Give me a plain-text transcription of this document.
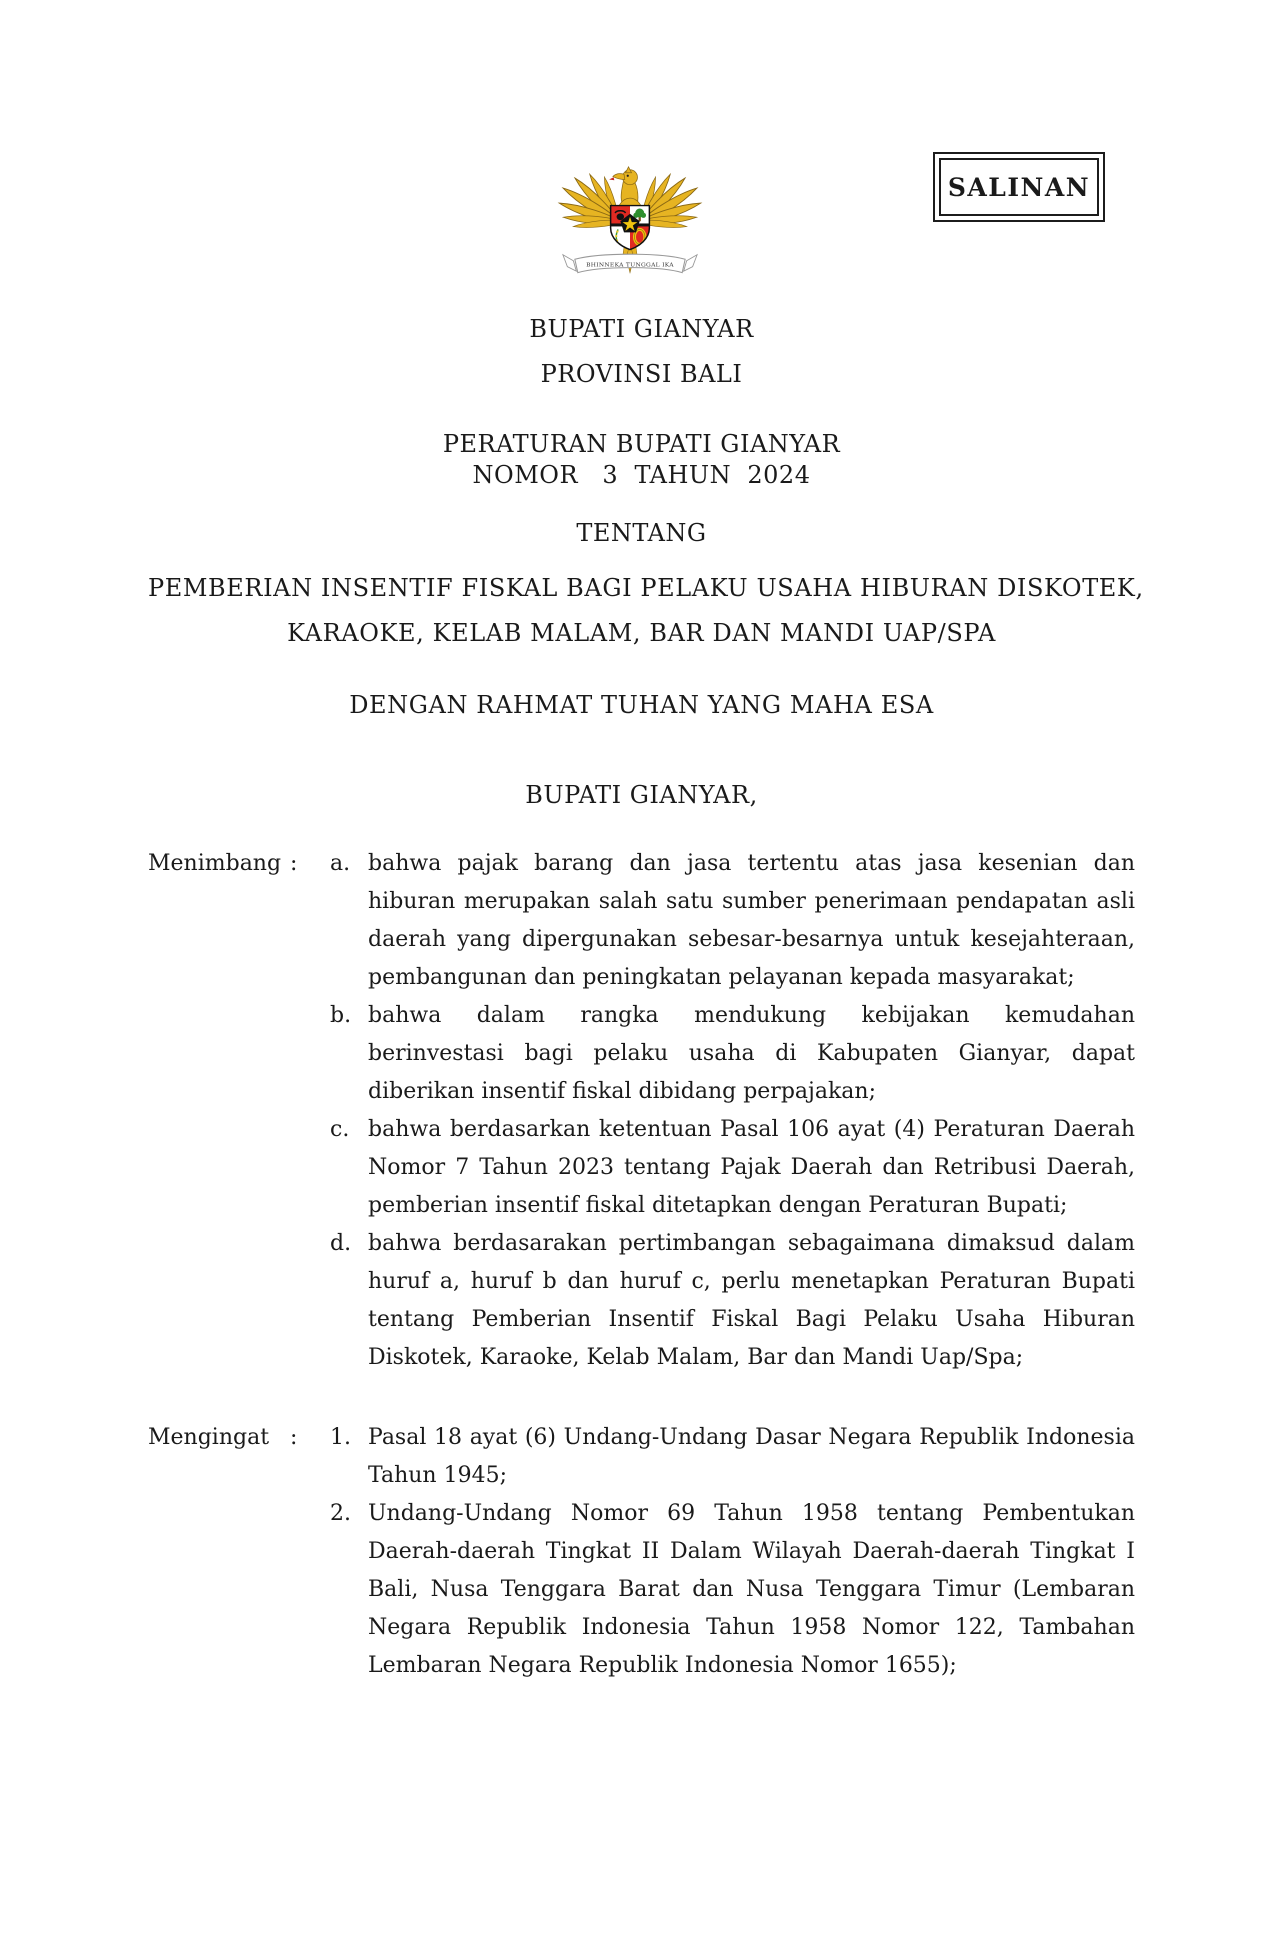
BHINNEKA TUNGGAL IKA
SALINAN
BUPATI GIANYAR
PROVINSI BALI
PERATURAN BUPATI GIANYAR
NOMOR   3  TAHUN  2024
TENTANG
PEMBERIAN INSENTIF FISKAL BAGI PELAKU USAHA HIBURAN DISKOTEK,
KARAOKE, KELAB MALAM, BAR DAN MANDI UAP/SPA
DENGAN RAHMAT TUHAN YANG MAHA ESA
BUPATI GIANYAR,
Menimbang :	a. bahwa pajak barang dan jasa tertentu atas jasa kesenian dan hiburan merupakan salah satu sumber penerimaan pendapatan asli daerah yang dipergunakan sebesar-besarnya untuk kesejahteraan, pembangunan dan peningkatan pelayanan kepada masyarakat;
b. bahwa dalam rangka mendukung kebijakan kemudahan berinvestasi bagi pelaku usaha di Kabupaten Gianyar, dapat diberikan insentif fiskal dibidang perpajakan;
c. bahwa berdasarkan ketentuan Pasal 106 ayat (4) Peraturan Daerah Nomor 7 Tahun 2023 tentang Pajak Daerah dan Retribusi Daerah, pemberian insentif fiskal ditetapkan dengan Peraturan Bupati;
d. bahwa berdasarakan pertimbangan sebagaimana dimaksud dalam huruf a, huruf b dan huruf c, perlu menetapkan Peraturan Bupati tentang Pemberian Insentif Fiskal Bagi Pelaku Usaha Hiburan Diskotek, Karaoke, Kelab Malam, Bar dan Mandi Uap/Spa;
Mengingat :	1. Pasal 18 ayat (6) Undang-Undang Dasar Negara Republik Indonesia Tahun 1945;
2. Undang-Undang Nomor 69 Tahun 1958 tentang Pembentukan Daerah-daerah Tingkat II Dalam Wilayah Daerah-daerah Tingkat I Bali, Nusa Tenggara Barat dan Nusa Tenggara Timur (Lembaran Negara Republik Indonesia Tahun 1958 Nomor 122, Tambahan Lembaran Negara Republik Indonesia Nomor 1655);
